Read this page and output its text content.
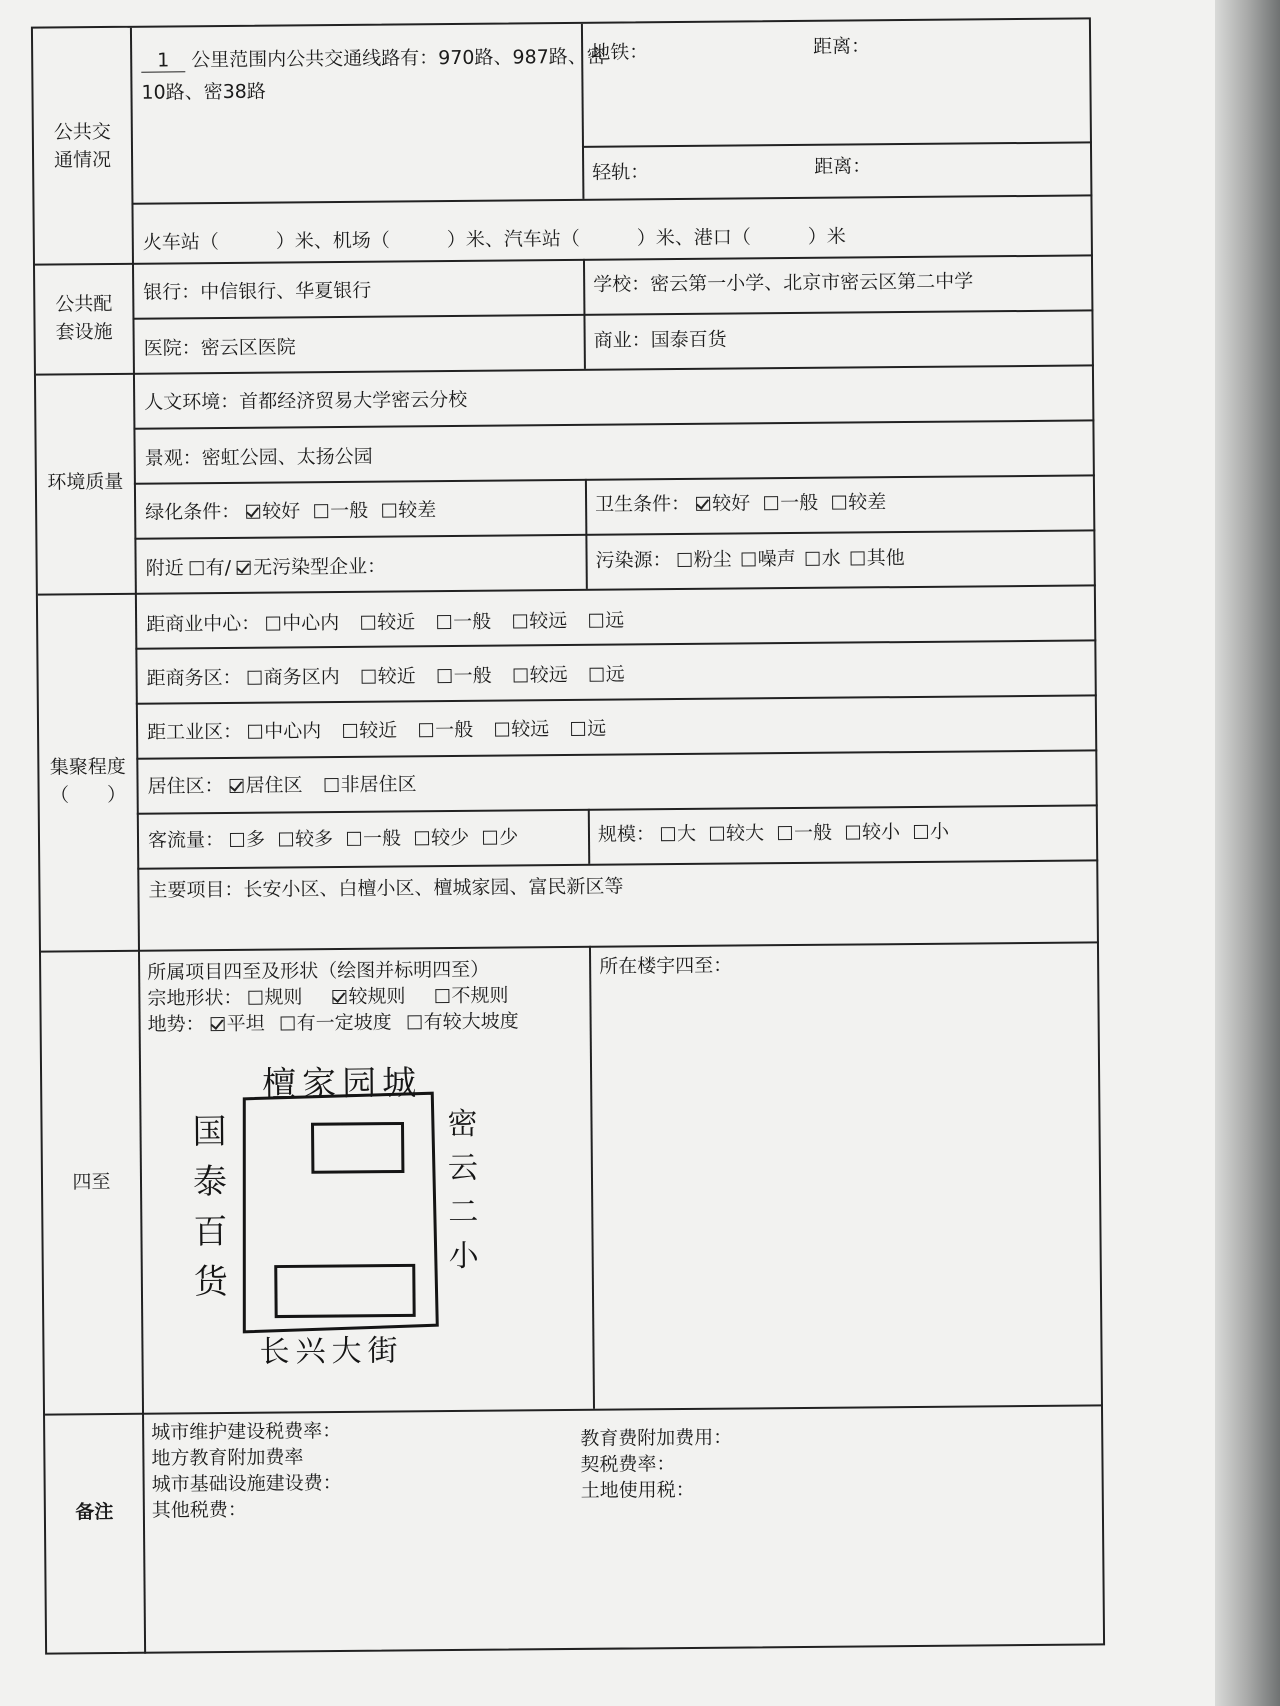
公共交通情况
1 公里范围内公共交通线路有：970路、987路、密
10路、密38路
地铁：	距离：
轻轨：	距离：
火车站（　　　）米、机场（　　　）米、汽车站（　　　）米、港口（　　　）米
公共配套设施
银行：中信银行、华夏银行	学校：密云第一小学、北京市密云区第二中学
医院：密云区医院	商业：国泰百货
环境质量
人文环境：首都经济贸易大学密云分校
景观：密虹公园、太扬公园
绿化条件： 较好 一般 较差	卫生条件： 较好 一般 较差
附近 有/ 无污染型企业：	污染源： 粉尘 噪声 水 其他
集聚程度
（　　）
距商业中心： 中心内 较近 一般 较远 远
距商务区： 商务区内 较近 一般 较远 远
距工业区： 中心内 较近 一般 较远 远
居住区： 居住区 非居住区
客流量： 多 较多 一般 较少 少	规模： 大 较大 一般 较小 小
主要项目：长安小区、白檀小区、檀城家园、富民新区等
四至
所属项目四至及形状（绘图并标明四至）
宗地形状： 规则 较规则 不规则
地势： 平坦 有一定坡度 有较大坡度
所在楼宇四至：
檀家园城
国泰百货
密云二小
长兴大街
备注
城市维护建设税费率：
地方教育附加费率
城市基础设施建设费：
其他税费：
教育费附加费用：
契税费率：
土地使用税：
